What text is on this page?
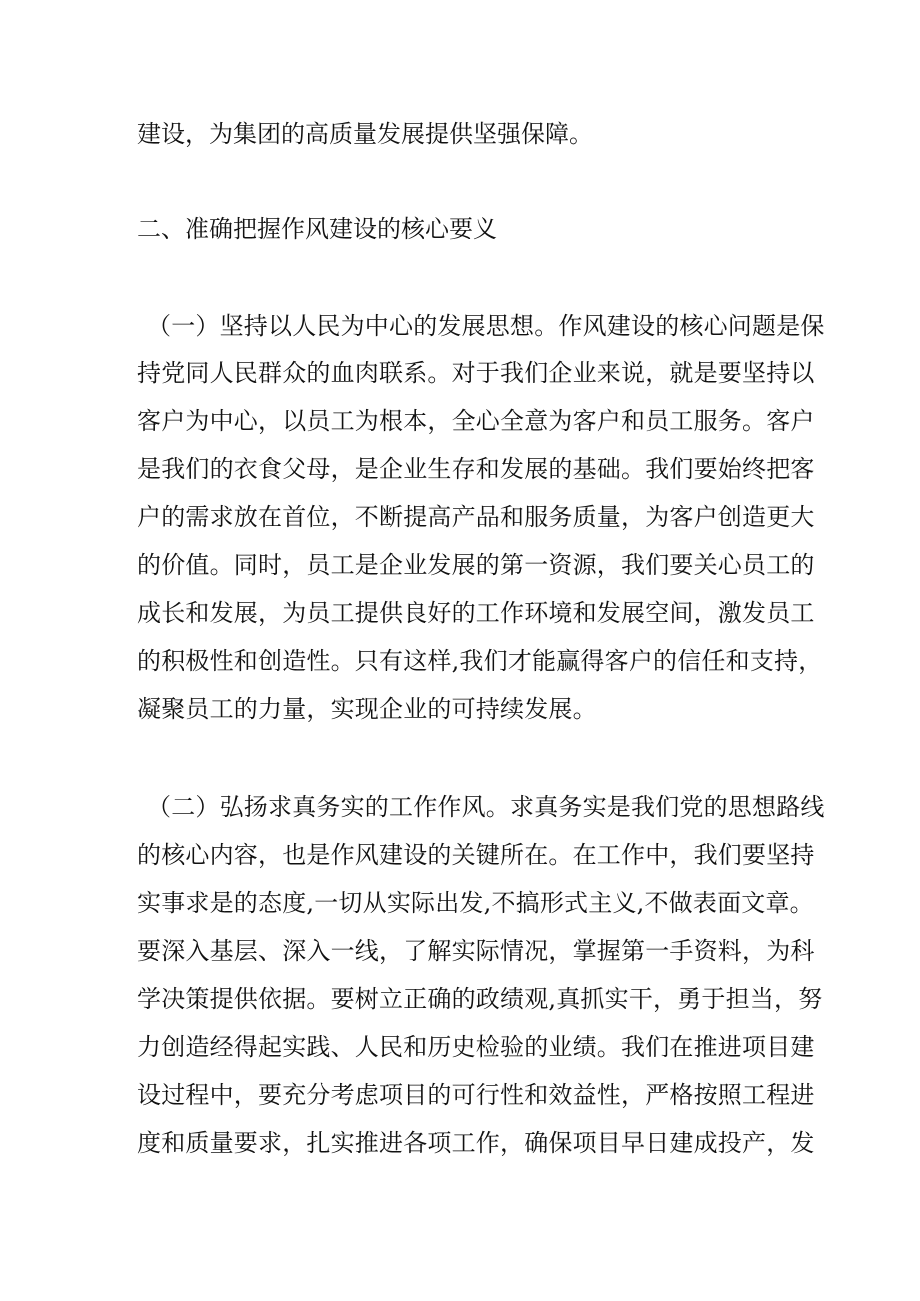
建设，为集团的高质量发展提供坚强保障。
二、准确把握作风建设的核心要义
（一）坚持以人民为中心的发展思想。作风建设的核心问题是保
持党同人民群众的血肉联系。对于我们企业来说，就是要坚持以
客户为中心，以员工为根本，全心全意为客户和员工服务。客户
是我们的衣食父母，是企业生存和发展的基础。我们要始终把客
户的需求放在首位，不断提高产品和服务质量，为客户创造更大
的价值。同时，员工是企业发展的第一资源，我们要关心员工的
成长和发展，为员工提供良好的工作环境和发展空间，激发员工
的积极性和创造性。只有这样,我们才能赢得客户的信任和支持，
凝聚员工的力量，实现企业的可持续发展。
（二）弘扬求真务实的工作作风。求真务实是我们党的思想路线
的核心内容，也是作风建设的关键所在。在工作中，我们要坚持
实事求是的态度,一切从实际出发,不搞形式主义,不做表面文章。
要深入基层、深入一线，了解实际情况，掌握第一手资料，为科
学决策提供依据。要树立正确的政绩观,真抓实干，勇于担当，努
力创造经得起实践、人民和历史检验的业绩。我们在推进项目建
设过程中，要充分考虑项目的可行性和效益性，严格按照工程进
度和质量要求，扎实推进各项工作，确保项目早日建成投产，发
